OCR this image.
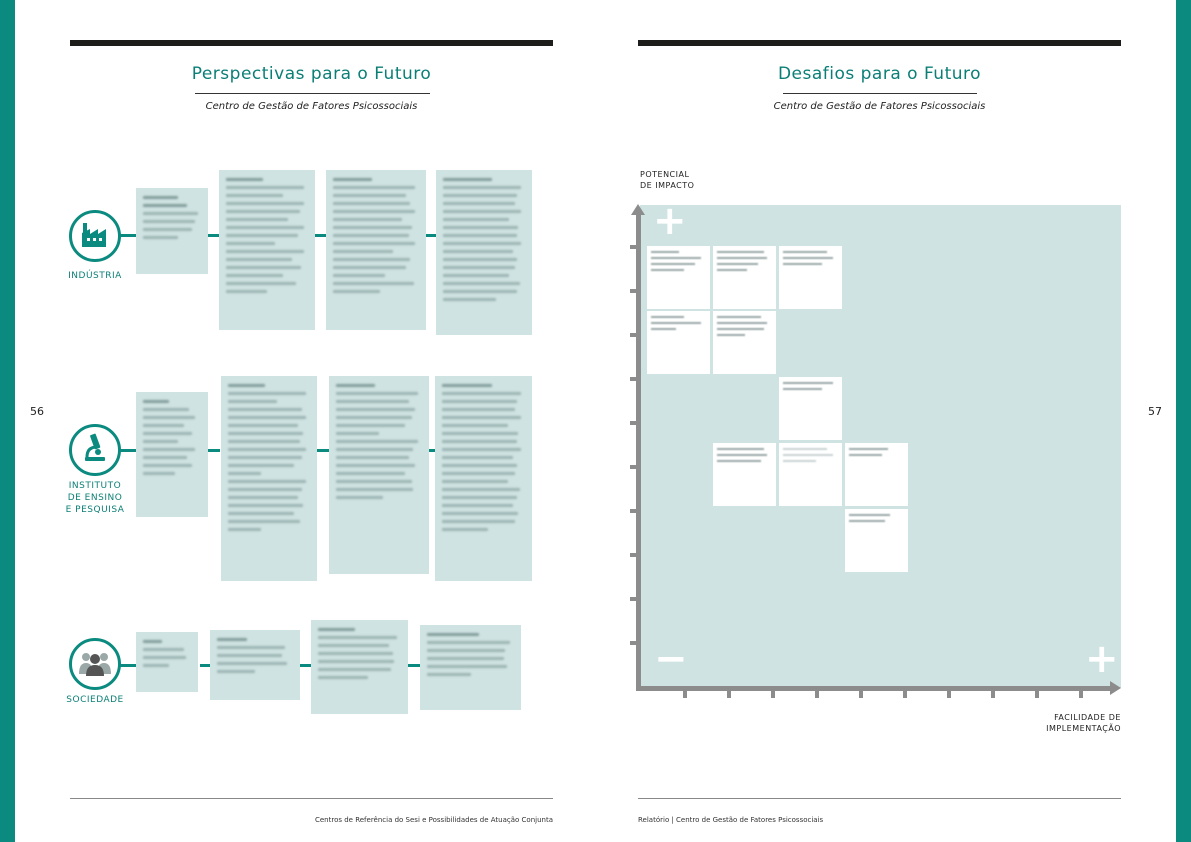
Perspectivas para o Futuro
Centro de Gestão de Fatores Psicossociais
56
INDÚSTRIA
INSTITUTO
DE ENSINO
E PESQUISA
SOCIEDADE
Centros de Referência do Sesi e Possibilidades de Atuação Conjunta
Desafios para o Futuro
Centro de Gestão de Fatores Psicossociais
57
POTENCIAL
DE IMPACTO
+
−	+
FACILIDADE DE
IMPLEMENTAÇÃO
Relatório | Centro de Gestão de Fatores Psicossociais
